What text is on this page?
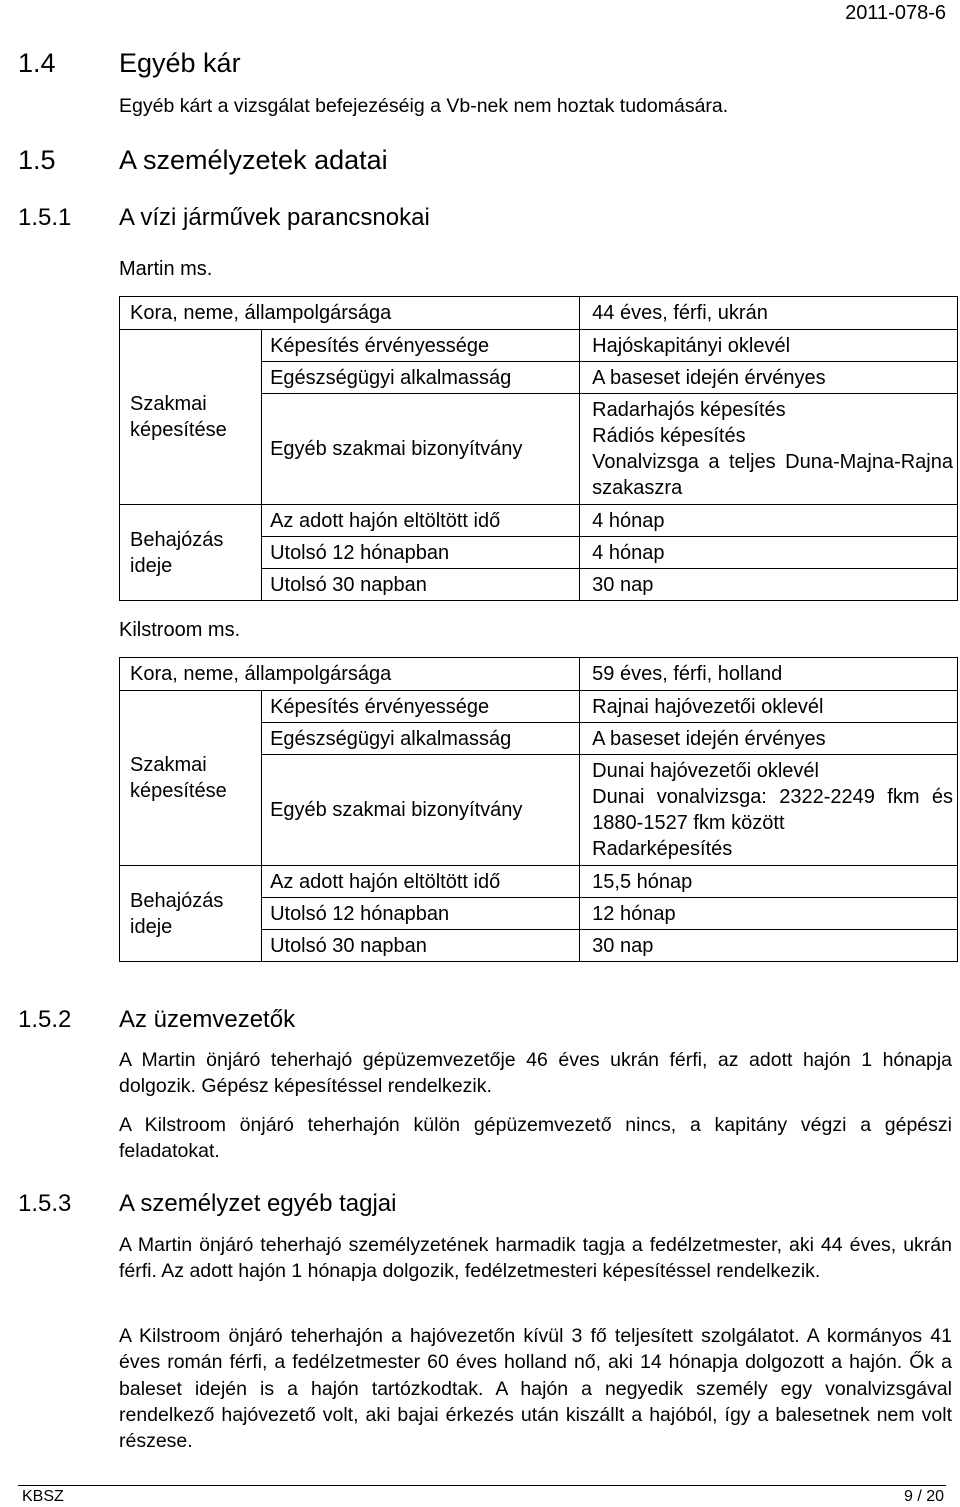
2011-078-6
1.4 Egyéb kár
Egyéb kárt a vizsgálat befejezéséig a Vb-nek nem hoztak tudomására.
1.5 A személyzetek adatai
1.5.1 A vízi járművek parancsnokai
Martin ms.
Kora, neme, állampolgársága		44 éves, férfi, ukrán

Szakmai
képesítése	Képesítés érvényessége	Hajóskapitányi oklevél
	Egészségügyi alkalmasság	A baseset idején érvényes
	Egyéb szakmai bizonyítvány	Radarhajós képesítés
Rádiós képesítés
Vonalvizsga a teljes Duna-Majna-Rajna szakaszra

Behajózás
ideje	Az adott hajón eltöltött idő	4 hónap
	Utolsó 12 hónapban	4 hónap
	Utolsó 30 napban	30 nap
Kilstroom ms.
Kora, neme, állampolgársága		59 éves, férfi, holland

Szakmai
képesítése	Képesítés érvényessége	Rajnai hajóvezetői oklevél
	Egészségügyi alkalmasság	A baseset idején érvényes
	Egyéb szakmai bizonyítvány	Dunai hajóvezetői oklevél
Dunai vonalvizsga: 2322-2249 fkm és 1880-1527 fkm között
Radarképesítés

Behajózás
ideje	Az adott hajón eltöltött idő	15,5 hónap
	Utolsó 12 hónapban	12 hónap
	Utolsó 30 napban	30 nap
1.5.2 Az üzemvezetők
A Martin önjáró teherhajó gépüzemvezetője 46 éves ukrán férfi, az adott hajón 1 hónapja dolgozik. Gépész képesítéssel rendelkezik.
A Kilstroom önjáró teherhajón külön gépüzemvezető nincs, a kapitány végzi a gépészi feladatokat.
1.5.3 A személyzet egyéb tagjai
A Martin önjáró teherhajó személyzetének harmadik tagja a fedélzetmester, aki 44 éves, ukrán férfi. Az adott hajón 1 hónapja dolgozik, fedélzetmesteri képesítéssel rendelkezik.
A Kilstroom önjáró teherhajón a hajóvezetőn kívül 3 fő teljesített szolgálatot. A kormányos 41 éves román férfi, a fedélzetmester 60 éves holland nő, aki 14 hónapja dolgozott a hajón. Ők a baleset idején is a hajón tartózkodtak. A hajón a negyedik személy egy vonalvizsgával rendelkező hajóvezető volt, aki bajai érkezés után kiszállt a hajóból, így a balesetnek nem volt részese.
KBSZ	9 / 20
